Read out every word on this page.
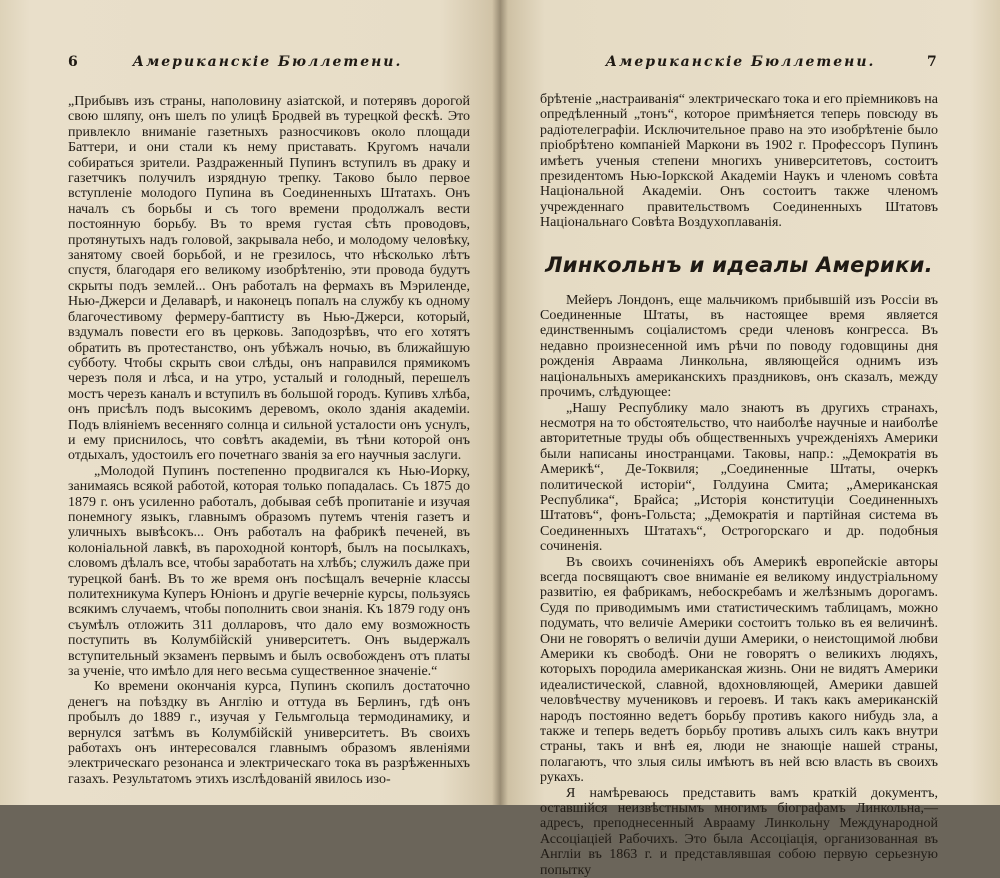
6	Американскiе Бюллетени.

„Прибывъ изъ страны, наполовину азiатской, и потерявъ дорогой свою шляпу, онъ шелъ по улицѣ Бродвей въ турецкой фескѣ. Это привлекло вниманiе газетныхъ разносчиковъ около площади Баттери, и они стали къ нему приставать. Кругомъ начали собираться зрители. Раздраженный Пупинъ вступилъ въ драку и газетчикъ получилъ изрядную трепку. Таково было первое вступленiе молодого Пупина въ Соединенныхъ Штатахъ. Онъ началъ съ борьбы и съ того времени продолжалъ вести постоянную борьбу. Въ то время густая сѣть проводовъ, протянутыхъ надъ головой, закрывала небо, и молодому человѣку, занятому своей борьбой, и не грезилось, что нѣсколько лѣтъ спустя, благодаря его великому изобрѣтенiю, эти провода будутъ скрыты подъ землей... Онъ работалъ на фермахъ въ Мэриленде, Нью-Джерси и Делаварѣ, и наконецъ попалъ на службу къ одному благочестивому фермеру-баптисту въ Нью-Джерси, который, вздумалъ повести его въ церковь. Заподозрѣвъ, что его хотятъ обратить въ протестанство, онъ убѣжалъ ночью, въ ближайшую субботу. Чтобы скрыть свои слѣды, онъ направился прямикомъ черезъ поля и лѣса, и на утро, усталый и голодный, перешелъ мостъ черезъ каналъ и вступилъ въ большой городъ. Купивъ хлѣба, онъ присѣлъ подъ высокимъ деревомъ, около зданiя академiи. Подъ влiянiемъ весенняго солнца и сильной усталости онъ уснулъ, и ему приснилось, что совѣтъ академiи, въ тѣни которой онъ отдыхалъ, удостоилъ его почетнаго званiя за его научныя заслуги.

„Молодой Пупинъ постепенно продвигался къ Нью-Иорку, занимаясь всякой работой, которая только попадалась. Съ 1875 до 1879 г. онъ усиленно работалъ, добывая себѣ пропитанiе и изучая понемногу языкъ, главнымъ образомъ путемъ чтенiя газетъ и уличныхъ вывѣсокъ... Онъ работалъ на фабрикѣ печеней, въ колонiальной лавкѣ, въ пароходной конторѣ, былъ на посылкахъ, словомъ дѣлалъ все, чтобы заработать на хлѣбъ; служилъ даже при турецкой банѣ. Въ то же время онъ посѣщалъ вечернiе классы политехникума Куперъ Юнiонъ и другiе вечернiе курсы, пользуясь всякимъ случаемъ, чтобы пополнить свои знанiя. Къ 1879 году онъ съумѣлъ отложить 311 долларовъ, что дало ему возможность поступить въ Колумбiйскiй университетъ. Онъ выдержалъ вступительный экзаменъ первымъ и былъ освобожденъ отъ платы за ученiе, что имѣло для него весьма существенное значенiе.“

Ко времени окончанiя курса, Пупинъ скопилъ достаточно денегъ на поѣздку въ Англiю и оттуда въ Берлинъ, гдѣ онъ пробылъ до 1889 г., изучая у Гельмгольца термодинамику, и вернулся затѣмъ въ Колумбiйскiй университетъ. Въ своихъ работахъ онъ интересовался главнымъ образомъ явленiями электрическаго резонанса и электрическаго тока въ разрѣженныхъ газахъ. Результатомъ этихъ изслѣдованiй явилось изо-

Американскiе Бюллетени.	7

брѣтенiе „настраиванiя“ электрическаго тока и его прiемниковъ на опредѣленный „тонъ“, которое примѣняется теперь повсюду въ радiотелеграфiи. Исключительное право на это изобрѣтенiе было прiобрѣтено компанiей Маркони въ 1902 г. Профессоръ Пупинъ имѣетъ ученыя степени многихъ университетовъ, состоитъ президентомъ Нью-Iоркской Академiи Наукъ и членомъ совѣта Нацiональной Академiи. Онъ состоитъ также членомъ учрежденнаго правительствомъ Соединенныхъ Штатовъ Нацiональнаго Совѣта Воздухоплаванiя.

Линкольнъ и идеалы Америки.

Мейеръ Лондонъ, еще мальчикомъ прибывшiй изъ Россiи въ Соединенные Штаты, въ настоящее время является единственнымъ соцiалистомъ среди членовъ конгресса. Въ недавно произнесенной имъ рѣчи по поводу годовщины дня рожденiя Авраама Линкольна, являющейся однимъ изъ нацiональныхъ американскихъ праздниковъ, онъ сказалъ, между прочимъ, слѣдующее:

„Нашу Республику мало знаютъ въ другихъ странахъ, несмотря на то обстоятельство, что наиболѣе научные и наиболѣе авторитетные труды объ общественныхъ учрежденiяхъ Америки были написаны иностранцами. Таковы, напр.: „Демократiя въ Америкѣ“, Де-Токвиля; „Соединенные Штаты, очеркъ политической исторiи“, Голдуина Смита; „Американская Республика“, Брайса; „Исторiя конституцiи Соединенныхъ Штатовъ“, фонъ-Гольста; „Демократiя и партiйная система въ Соединенныхъ Штатахъ“, Острогорскаго и др. подобныя сочиненiя.

Въ своихъ сочиненiяхъ объ Америкѣ европейскiе авторы всегда посвящаютъ свое вниманiе ея великому индустрiальному развитiю, ея фабрикамъ, небоскребамъ и желѣзнымъ дорогамъ. Судя по приводимымъ ими статистическимъ таблицамъ, можно подумать, что величiе Америки состоитъ только въ ея величинѣ. Они не говорятъ о величiи души Америки, о неистощимой любви Америки къ свободѣ. Они не говорятъ о великихъ людяхъ, которыхъ породила американская жизнь. Они не видятъ Америки идеалистической, славной, вдохновляющей, Америки давшей человѣчеству мучениковъ и героевъ. И такъ какъ американскiй народъ постоянно ведетъ борьбу противъ какого нибудь зла, а также и теперь ведетъ борьбу противъ алыхъ силъ какъ внутри страны, такъ и внѣ ея, люди не знающiе нашей страны, полагаютъ, что злыя силы имѣютъ въ ней всю власть въ своихъ рукахъ.

Я намѣреваюсь представить вамъ краткiй документъ, оставшiйся неизвѣстнымъ многимъ бiографамъ Линкольна,—адресъ, преподнесенный Аврааму Линкольну Международной Ассоцiацiей Рабочихъ. Это была Ассоцiацiя, организованная въ Англiи въ 1863 г. и представлявшая собою первую серьезную попытку
